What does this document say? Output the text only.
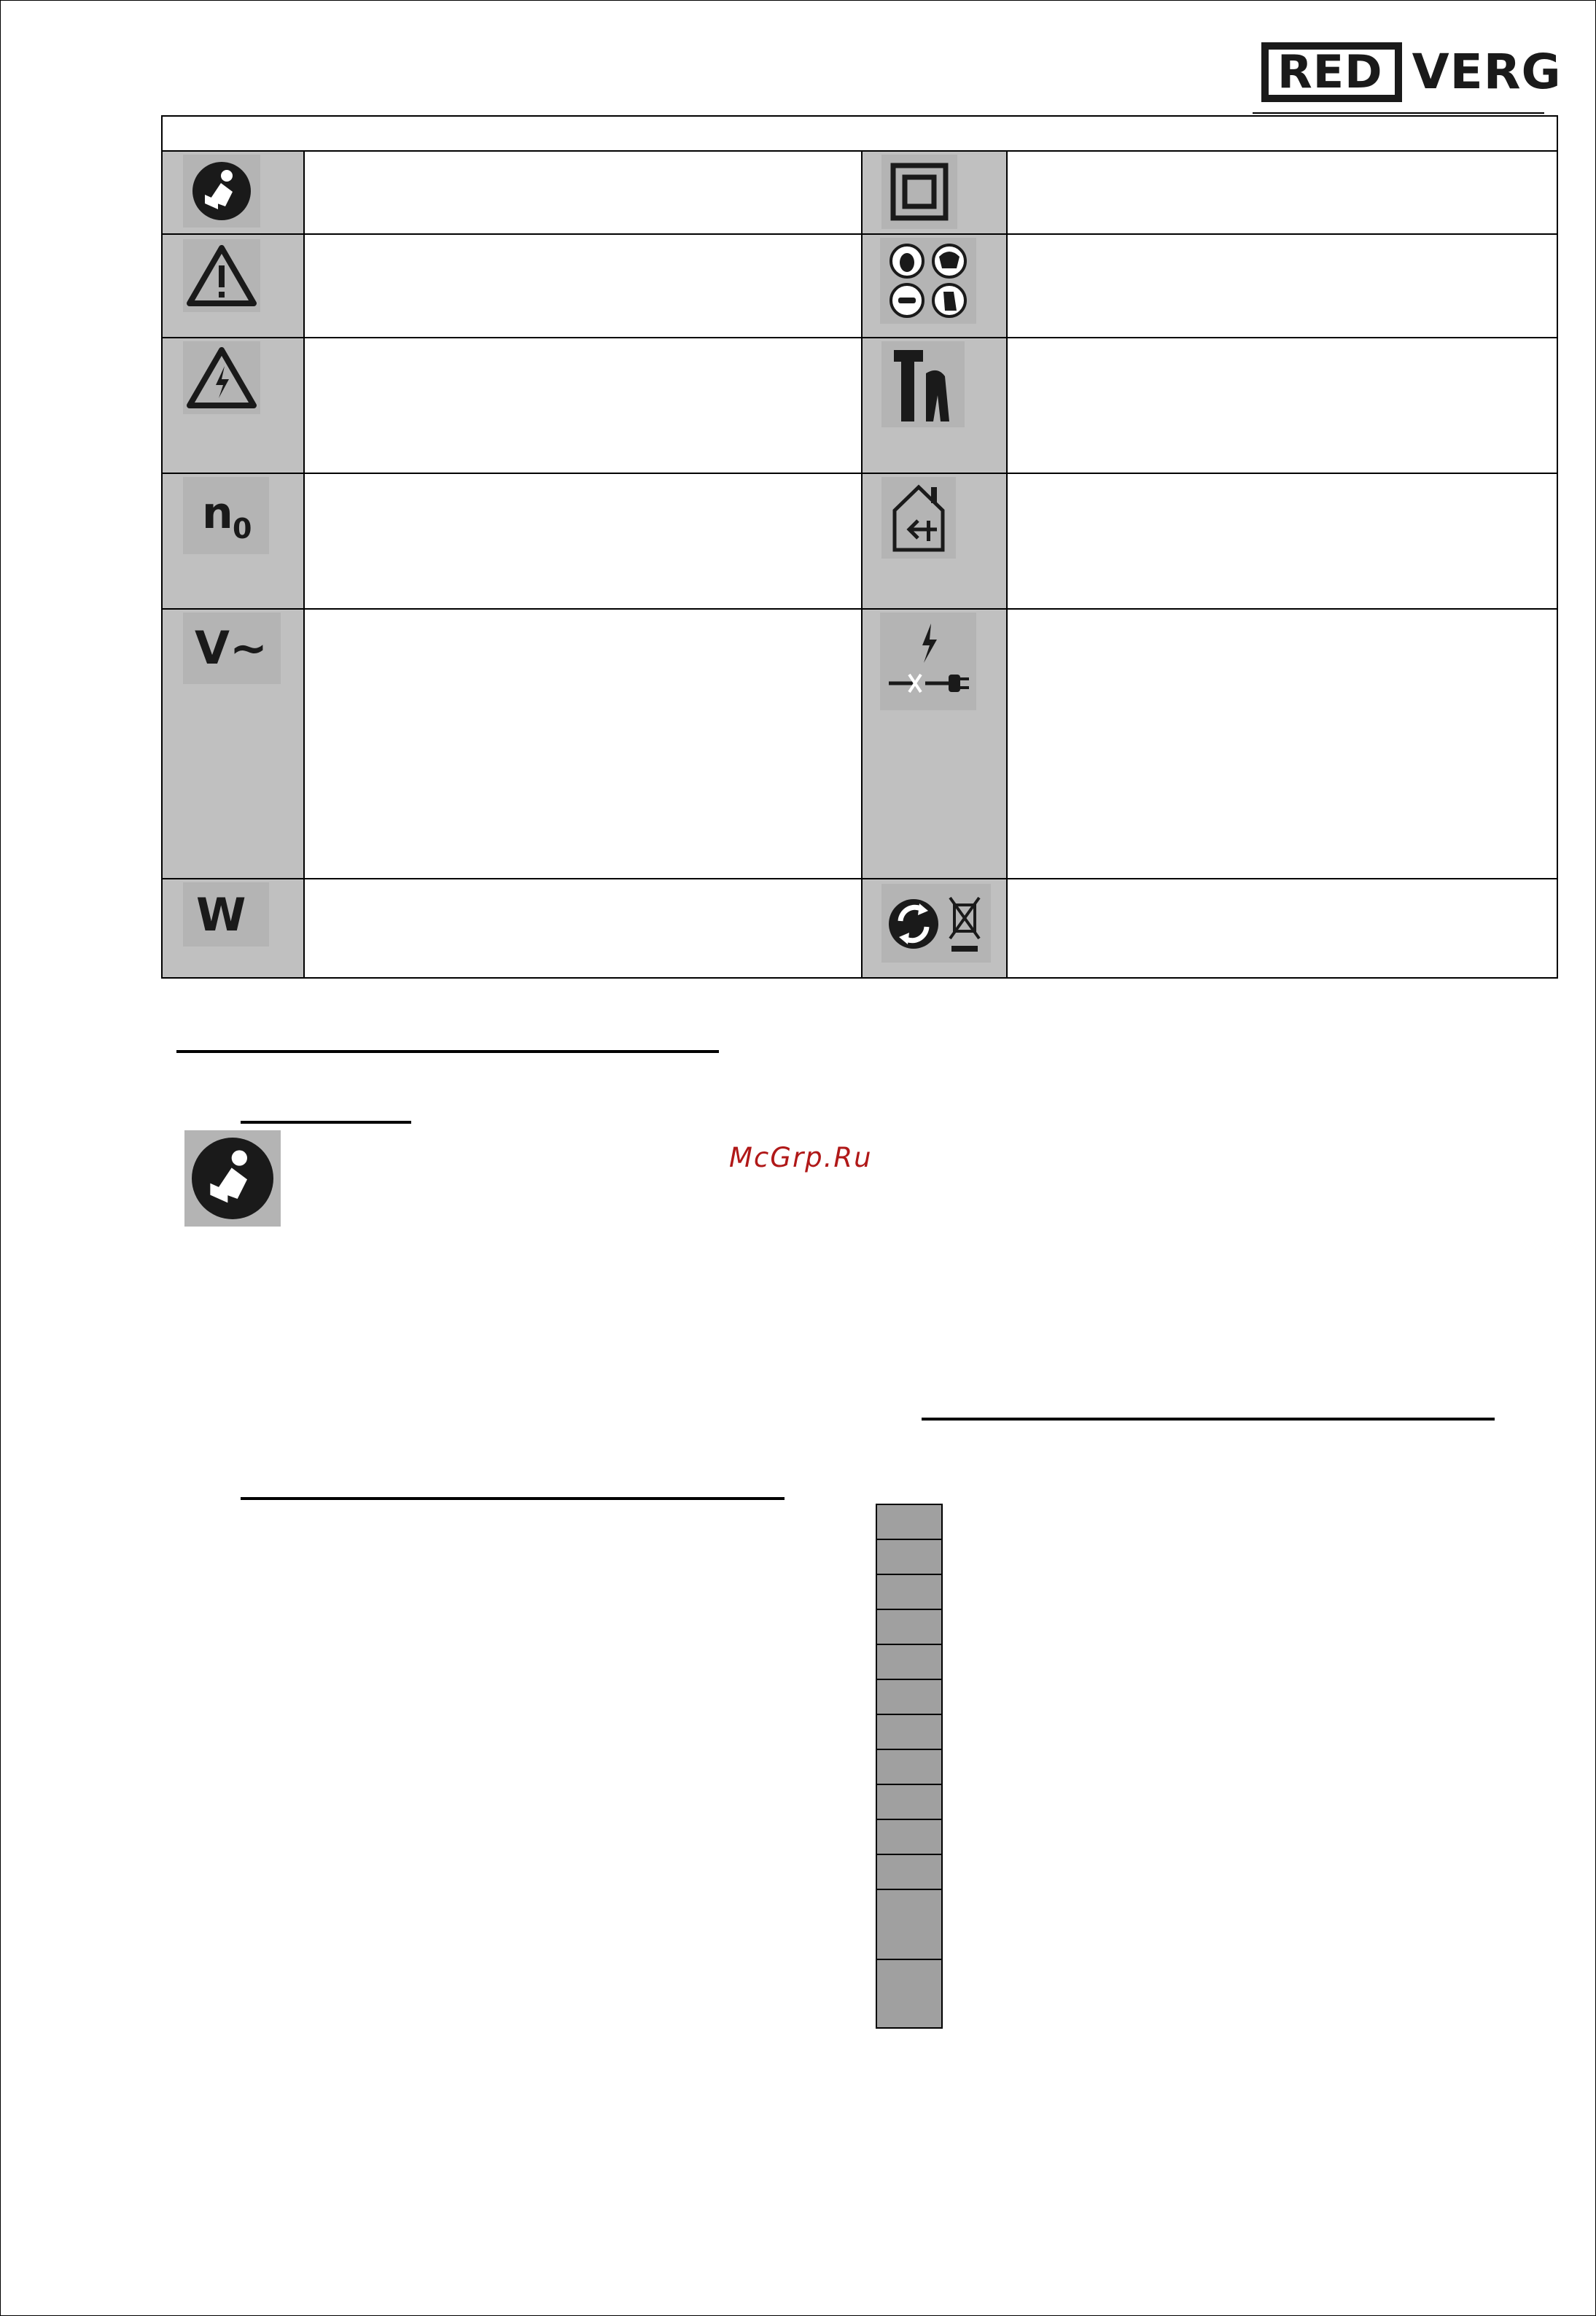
RED VERG
n 0
V~
W
McGrp.Ru
